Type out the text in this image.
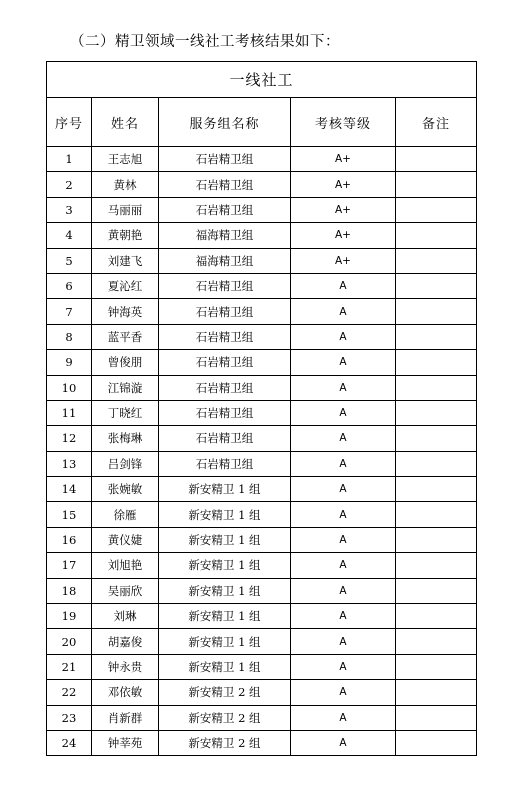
（二）精卫领域一线社工考核结果如下：
一线社工				
序号	姓名	服务组名称	考核等级	备注
1	王志旭	石岩精卫组	A+	
2	黄林	石岩精卫组	A+	
3	马丽丽	石岩精卫组	A+	
4	黄朝艳	福海精卫组	A+	
5	刘建飞	福海精卫组	A+	
6	夏沁红	石岩精卫组	A	
7	钟海英	石岩精卫组	A	
8	蓝平香	石岩精卫组	A	
9	曾俊朋	石岩精卫组	A	
10	江锦漩	石岩精卫组	A	
11	丁晓红	石岩精卫组	A	
12	张梅琳	石岩精卫组	A	
13	吕剑锋	石岩精卫组	A	
14	张婉敏	新安精卫 1 组	A	
15	徐雁	新安精卫 1 组	A	
16	黄仪婕	新安精卫 1 组	A	
17	刘旭艳	新安精卫 1 组	A	
18	吴丽欣	新安精卫 1 组	A	
19	刘琳	新安精卫 1 组	A	
20	胡嘉俊	新安精卫 1 组	A	
21	钟永贵	新安精卫 1 组	A	
22	邓依敏	新安精卫 2 组	A	
23	肖新群	新安精卫 2 组	A	
24	钟莘苑	新安精卫 2 组	A	
